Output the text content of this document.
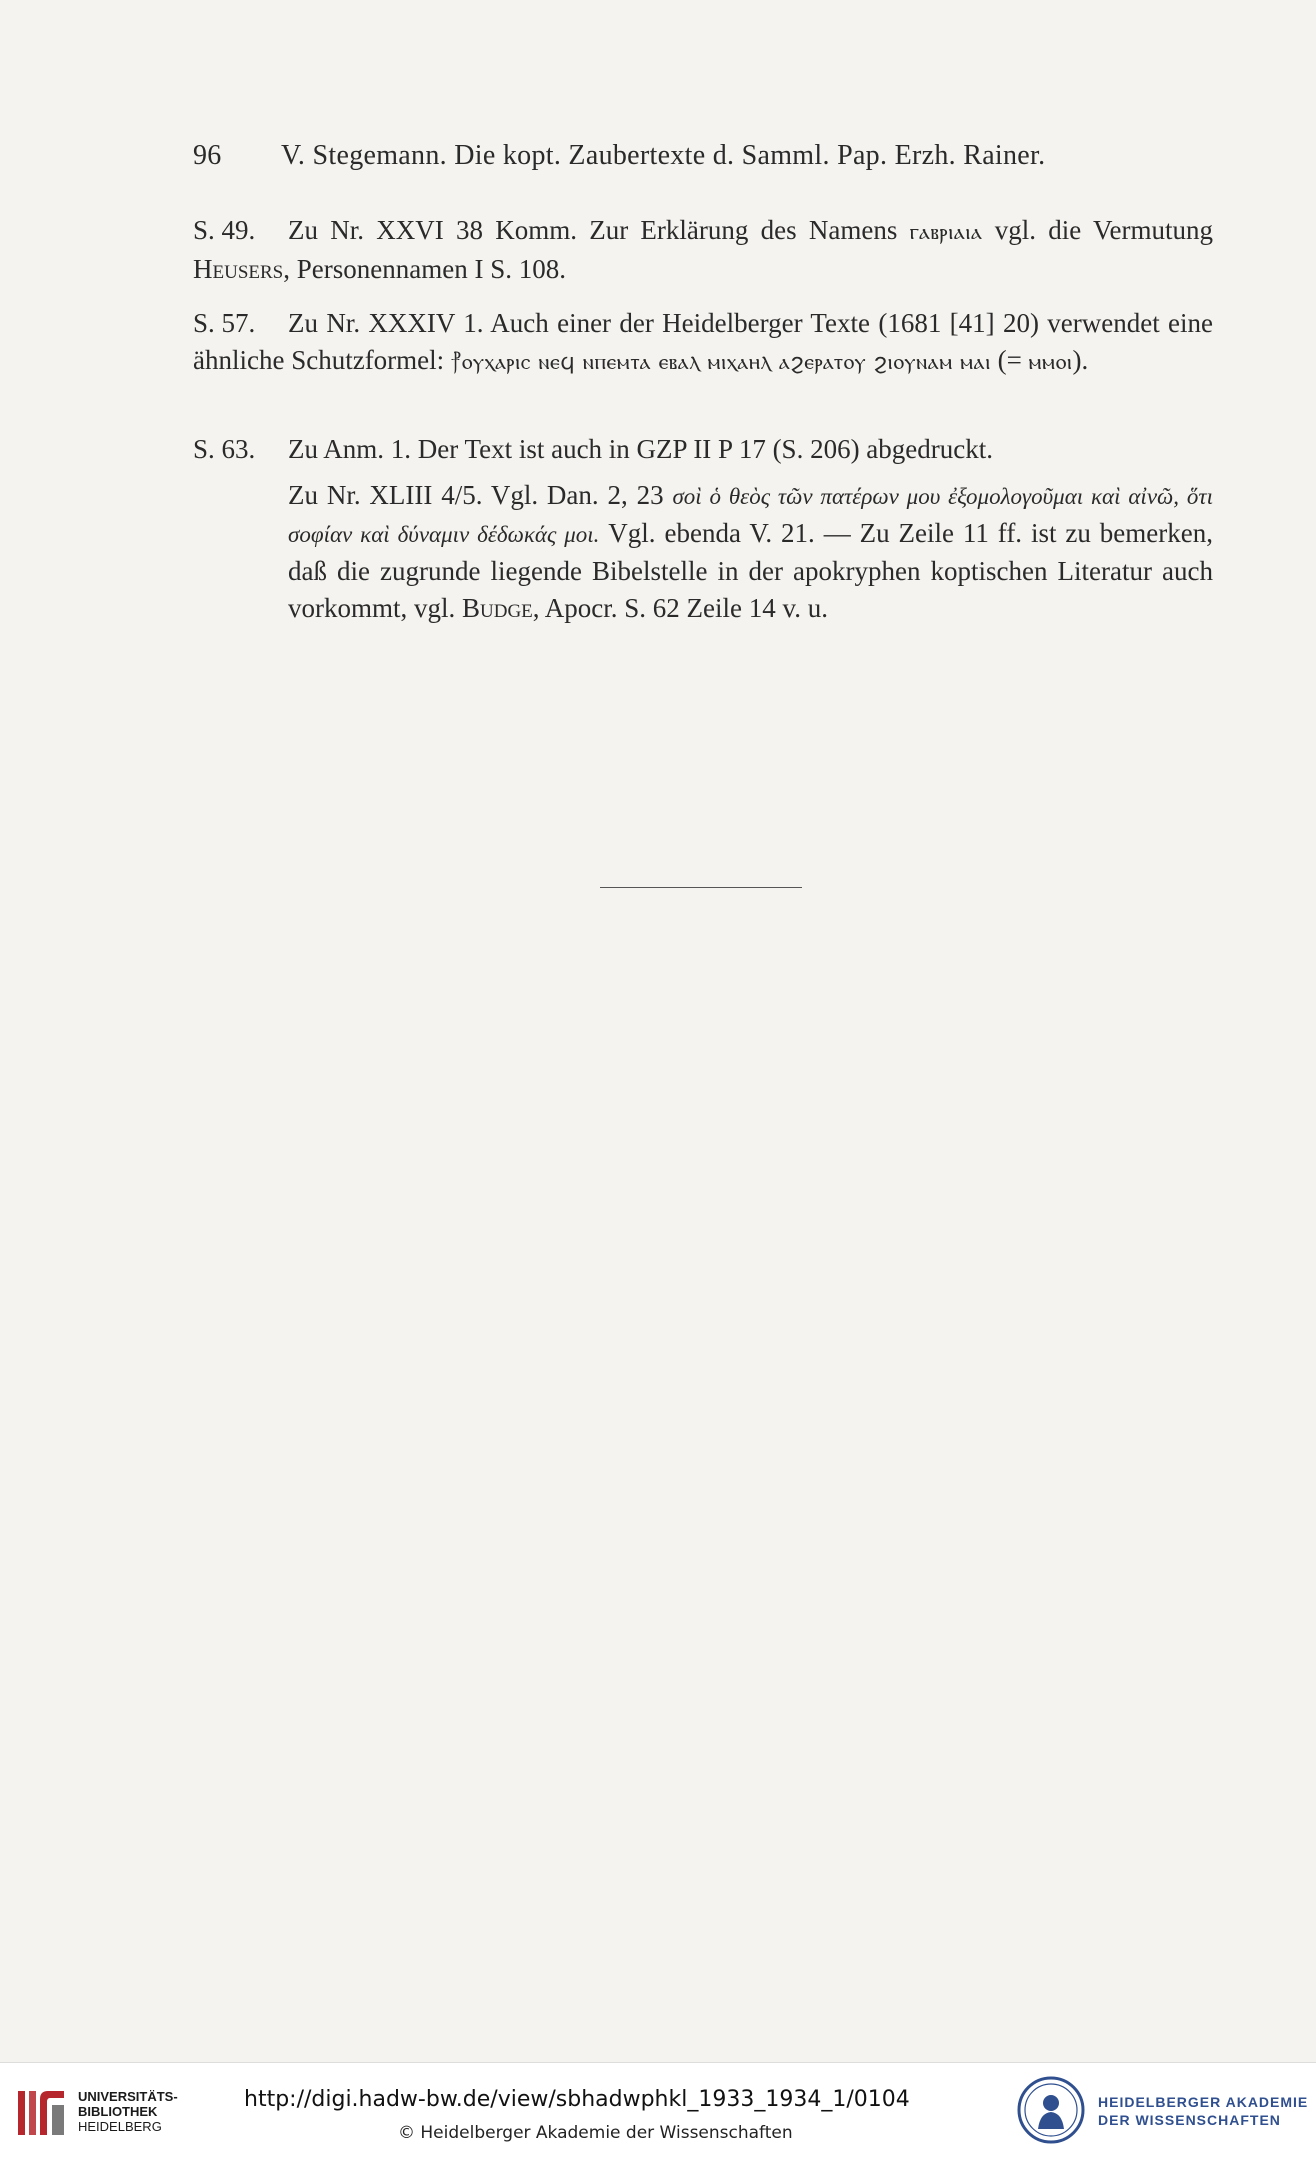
96 V. Stegemann. Die kopt. Zaubertexte d. Samml. Pap. Erzh. Rainer.
S. 49. Zu Nr. XXVI 38 Komm. Zur Erklärung des Namens ⲅⲁⲃⲣⲓⲁⲓⲁ vgl. die Vermutung Heusers, Personennamen I S. 108.
S. 57. Zu Nr. XXXIV 1. Auch einer der Heidelberger Texte (1681 [41] 20) verwendet eine ähnliche Schutzformel: ⳨ⲟⲩⲭⲁⲣⲓⲥ ⲛⲉϥ ⲛⲡⲉⲙⲧⲁ ⲉⲃⲁⲗ ⲙⲓⲭⲁⲏⲗ ⲁϩⲉⲣⲁⲧⲟⲩ ϩⲓⲟⲩⲛⲁⲙ ⲙⲁⲓ (= ⲙⲙⲟⲓ).
S. 63. Zu Anm. 1. Der Text ist auch in GZP II P 17 (S. 206) abgedruckt.
Zu Nr. XLIII 4/5. Vgl. Dan. 2, 23 σοὶ ὁ θεὸς τῶν πατέρων μου ἐξομολογοῦμαι καὶ αἰνῶ, ὅτι σοφίαν καὶ δύναμιν δέδωκάς μοι. Vgl. ebenda V. 21. — Zu Zeile 11 ff. ist zu bemerken, daß die zugrunde liegende Bibelstelle in der apokryphen koptischen Literatur auch vorkommt, vgl. Budge, Apocr. S. 62 Zeile 14 v. u.
UNIVERSITÄTS-
BIBLIOTHEK
HEIDELBERG
http://digi.hadw-bw.de/view/sbhadwphkl_1933_1934_1/0104
© Heidelberger Akademie der Wissenschaften
HEIDELBERGER AKADEMIE
DER WISSENSCHAFTEN
